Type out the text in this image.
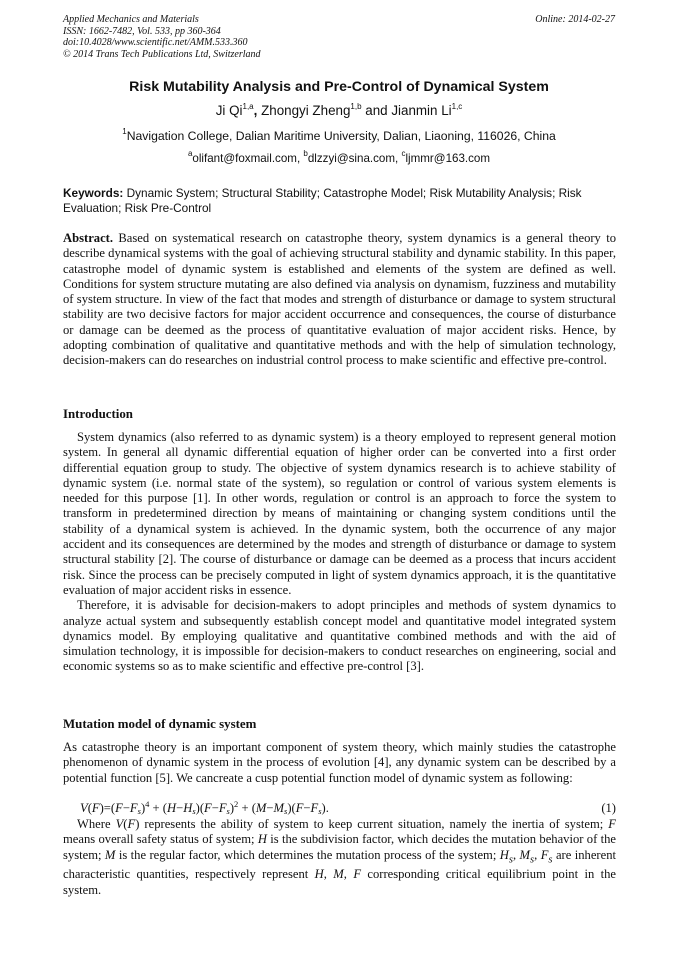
Applied Mechanics and Materials
ISSN: 1662-7482, Vol. 533, pp 360-364
doi:10.4028/www.scientific.net/AMM.533.360
© 2014 Trans Tech Publications Ltd, Switzerland
Online: 2014-02-27
Risk Mutability Analysis and Pre-Control of Dynamical System
Ji Qi$^{1,a}$, Zhongyi Zheng$^{1,b}$ and Jianmin Li$^{1,c}$
$^1$Navigation College, Dalian Maritime University, Dalian, Liaoning, 116026, China
$^a$olifant@foxmail.com, $^b$dlzzyi@sina.com, $^c$ljmmr@163.com
Keywords: Dynamic System; Structural Stability; Catastrophe Model; Risk Mutability Analysis; Risk Evaluation; Risk Pre-Control
Abstract. Based on systematical research on catastrophe theory, system dynamics is a general theory to describe dynamical systems with the goal of achieving structural stability and dynamic stability. In this paper, catastrophe model of dynamic system is established and elements of the system are defined as well. Conditions for system structure mutating are also defined via analysis on dynamism, fuzziness and mutability of system structure. In view of the fact that modes and strength of disturbance or damage to system structural stability are two decisive factors for major accident occurrence and consequences, the course of disturbance or damage can be deemed as the process of quantitative evaluation of major accident risks. Hence, by adopting combination of qualitative and quantitative methods and with the help of simulation technology, decision-makers can do researches on industrial control process to make scientific and effective pre-control.
Introduction

System dynamics (also referred to as dynamic system) is a theory employed to represent general motion system. In general all dynamic differential equation of higher order can be converted into a first order differential equation group to study. The objective of system dynamics research is to achieve stability of dynamic system (i.e. normal state of the system), so regulation or control of various system elements is needed for this purpose [1]. In other words, regulation or control is an approach to force the system to transform in predetermined direction by means of maintaining or changing system conditions until the stability of a dynamical system is achieved. In the dynamic system, both the occurrence of any major accident and its consequences are determined by the modes and strength of disturbance or damage to system structural stability [2]. The course of disturbance or damage can be deemed as a process that incurs accident risk. Since the process can be precisely computed in light of system dynamics approach, it is the quantitative evaluation of major accident risks in essence.

Therefore, it is advisable for decision-makers to adopt principles and methods of system dynamics to analyze actual system and subsequently establish concept model and quantitative model integrated system dynamics model. By employing qualitative and quantitative combined methods and with the aid of simulation technology, it is impossible for decision-makers to conduct researches on engineering, social and economic systems so as to make scientific and effective pre-control [3].

Mutation model of dynamic system

As catastrophe theory is an important component of system theory, which mainly studies the catastrophe phenomenon of dynamic system in the process of evolution [4], any dynamic system can be described by a potential function [5]. We cancreate a cusp potential function model of dynamic system as following:

$V(F)=(F-F_s)^4 + (H-H_s)(F-F_s)^2 + (M-M_s)(F-F_s)$.	(1)
Where V(F) represents the ability of system to keep current situation, namely the inertia of system; F means overall safety status of system; H is the subdivision factor, which decides the mutation behavior of the system; M is the regular factor, which determines the mutation process of the system; $H_s$, $M_s$, $F_s$ are inherent characteristic quantities, respectively represent H, M, F corresponding critical equilibrium point in the system.
